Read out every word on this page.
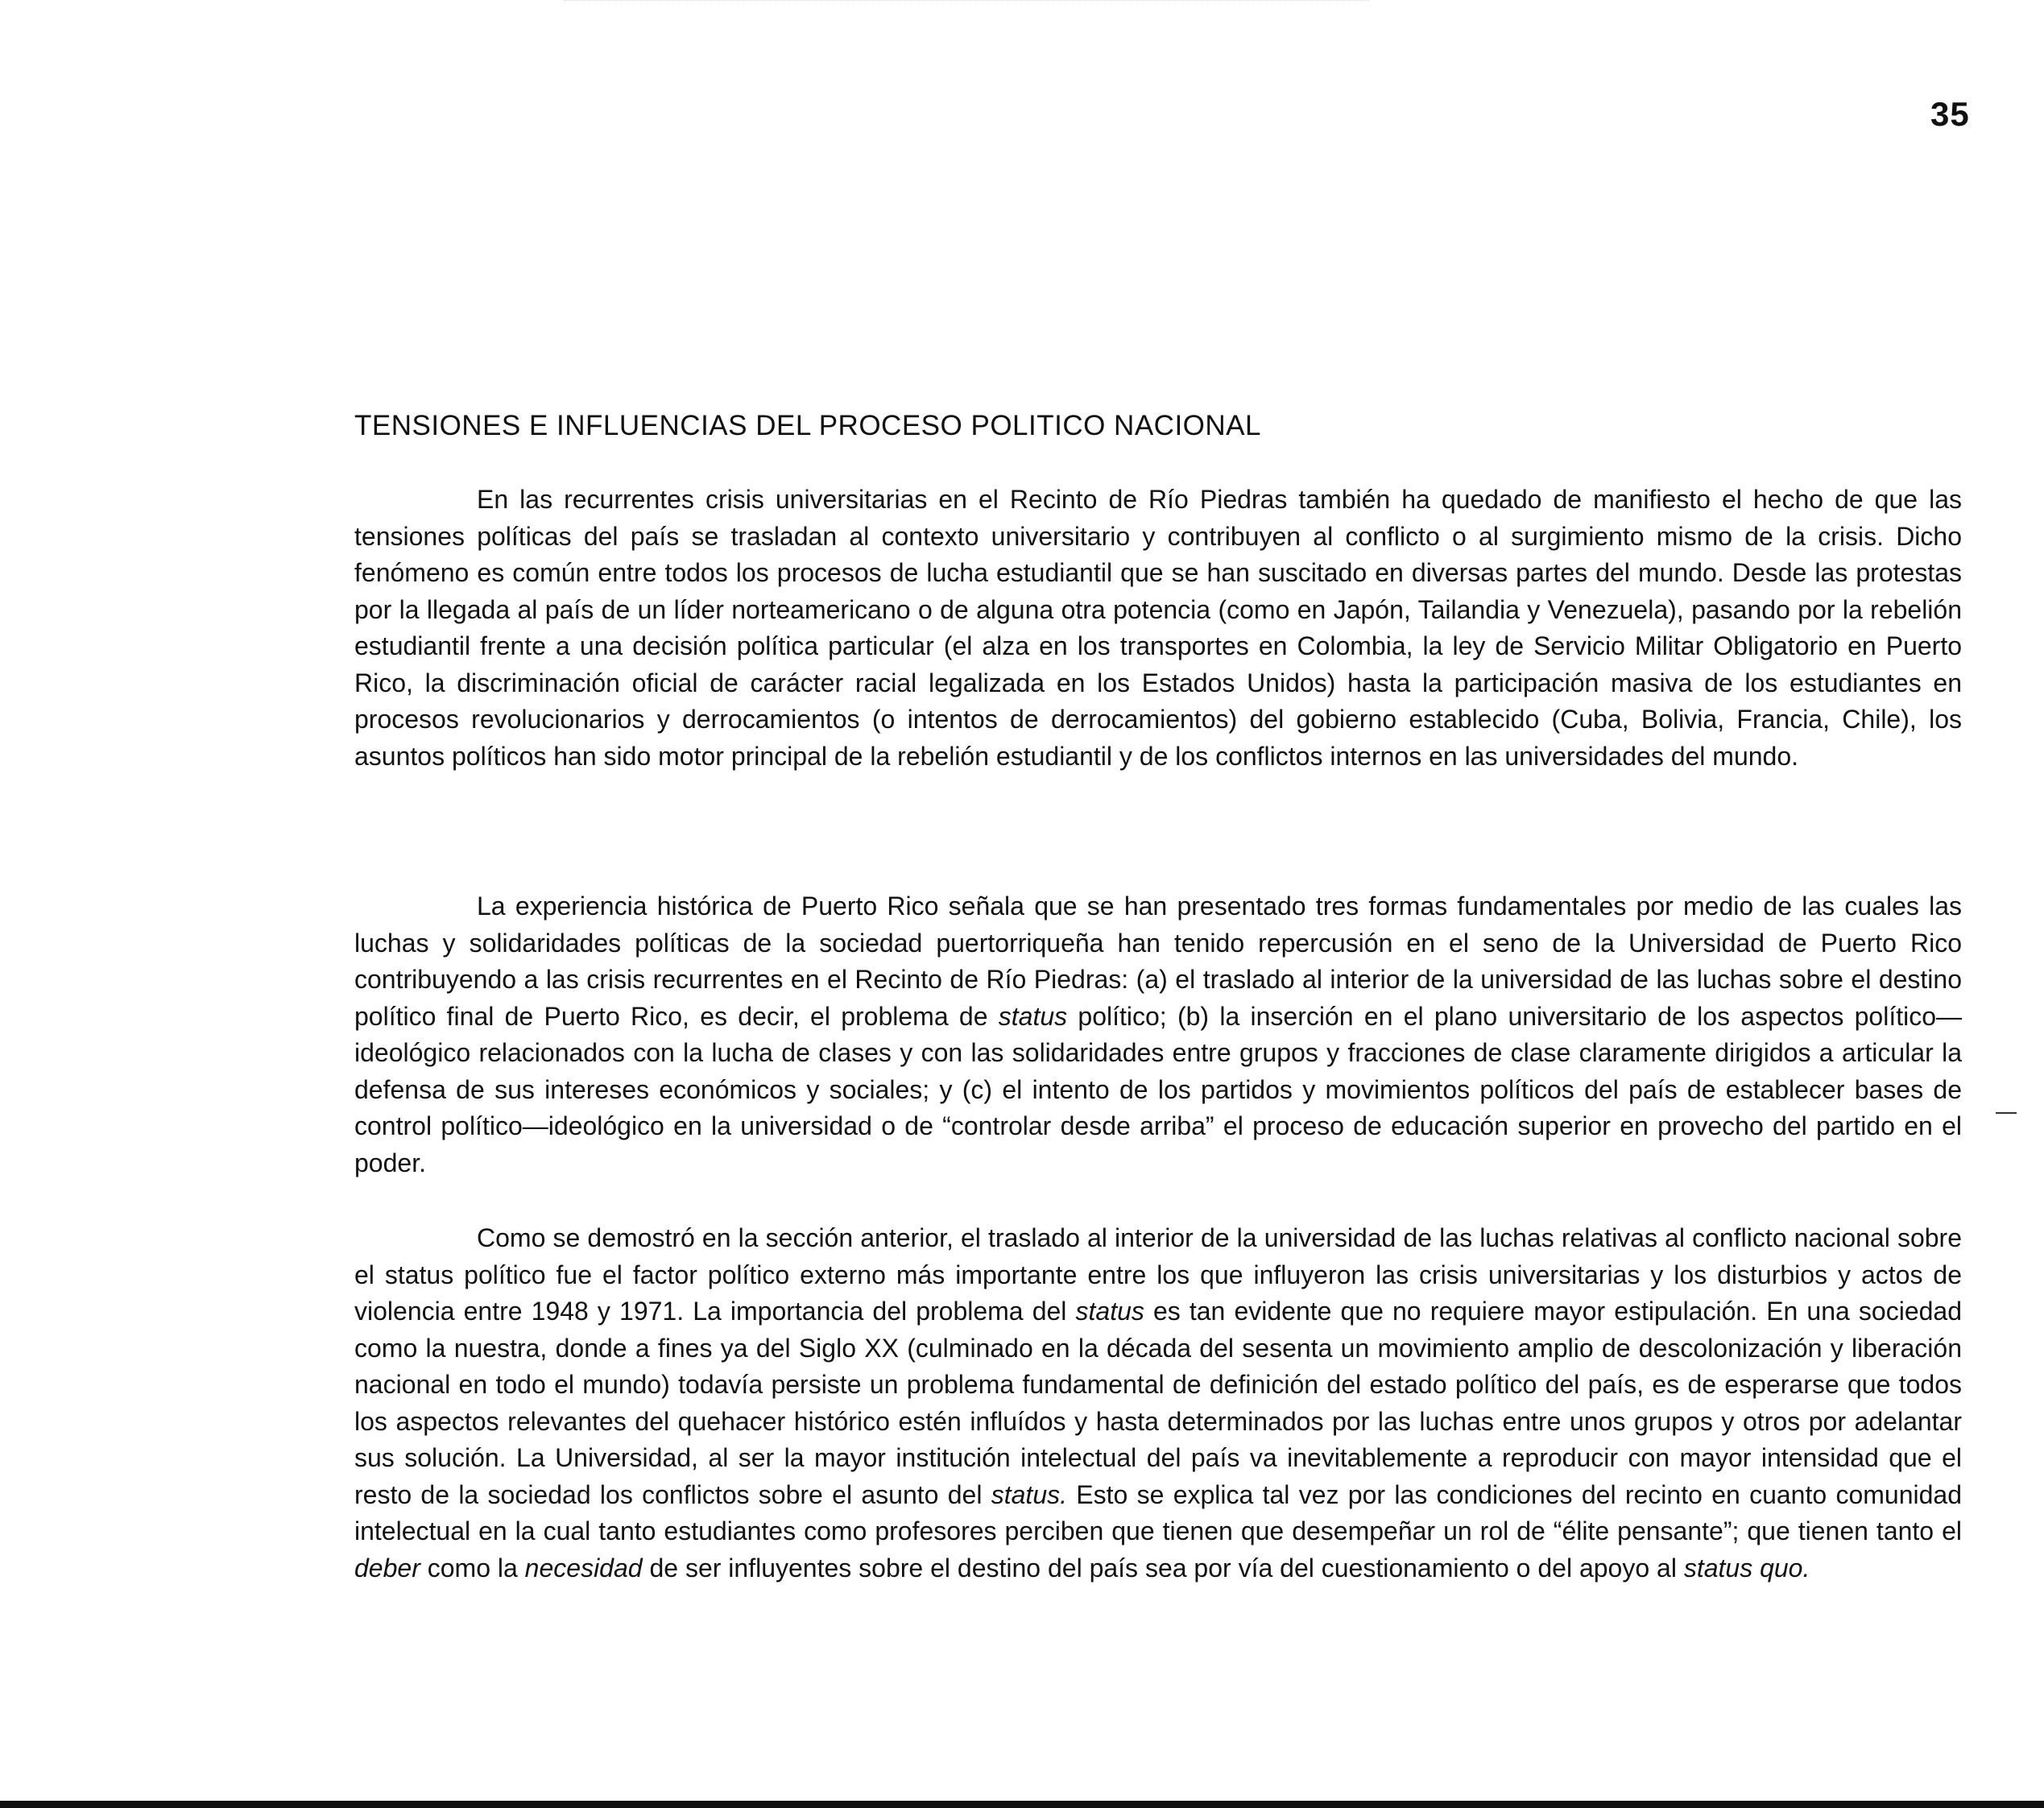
35
TENSIONES E INFLUENCIAS DEL PROCESO POLITICO NACIONAL

En las recurrentes crisis universitarias en el Recinto de Río Piedras también ha quedado de manifiesto el hecho de que las tensiones políticas del país se trasladan al contexto universitario y contribuyen al conflicto o al surgimiento mismo de la crisis. Dicho fenómeno es común entre todos los procesos de lucha estudiantil que se han suscitado en diversas partes del mundo. Desde las protestas por la llegada al país de un líder norteamericano o de alguna otra potencia (como en Japón, Tailandia y Venezuela), pasando por la rebelión estudiantil frente a una decisión política particular (el alza en los transportes en Colombia, la ley de Servicio Militar Obligatorio en Puerto Rico, la discriminación oficial de carácter racial legalizada en los Estados Unidos) hasta la participación masiva de los estudiantes en procesos revolucionarios y derrocamientos (o intentos de derrocamientos) del gobierno establecido (Cuba, Bolivia, Francia, Chile), los asuntos políticos han sido motor principal de la rebelión estudiantil y de los conflictos internos en las universidades del mundo.

La experiencia histórica de Puerto Rico señala que se han presentado tres formas fundamentales por medio de las cuales las luchas y solidaridades políticas de la sociedad puertorriqueña han tenido repercusión en el seno de la Universidad de Puerto Rico contribuyendo a las crisis recurrentes en el Recinto de Río Piedras: (a) el traslado al interior de la universidad de las luchas sobre el destino político final de Puerto Rico, es decir, el problema de status político; (b) la inserción en el plano universitario de los aspectos político—ideológico relacionados con la lucha de clases y con las solidaridades entre grupos y fracciones de clase claramente dirigidos a articular la defensa de sus intereses económicos y sociales; y (c) el intento de los partidos y movimientos políticos del país de establecer bases de control político—ideológico en la universidad o de “controlar desde arriba” el proceso de educación superior en provecho del partido en el poder.

Como se demostró en la sección anterior, el traslado al interior de la universidad de las luchas relativas al conflicto nacional sobre el status político fue el factor político externo más importante entre los que influyeron las crisis universitarias y los disturbios y actos de violencia entre 1948 y 1971. La importancia del problema del status es tan evidente que no requiere mayor estipulación. En una sociedad como la nuestra, donde a fines ya del Siglo XX (culminado en la década del sesenta un movimiento amplio de descolonización y liberación nacional en todo el mundo) todavía persiste un problema fundamental de definición del estado político del país, es de esperarse que todos los aspectos relevantes del quehacer histórico estén influídos y hasta determinados por las luchas entre unos grupos y otros por adelantar sus solución. La Universidad, al ser la mayor institución intelectual del país va inevitablemente a reproducir con mayor intensidad que el resto de la sociedad los conflictos sobre el asunto del status. Esto se explica tal vez por las condiciones del recinto en cuanto comunidad intelectual en la cual tanto estudiantes como profesores perciben que tienen que desempeñar un rol de “élite pensante”; que tienen tanto el deber como la necesidad de ser influyentes sobre el destino del país sea por vía del cuestionamiento o del apoyo al status quo.
